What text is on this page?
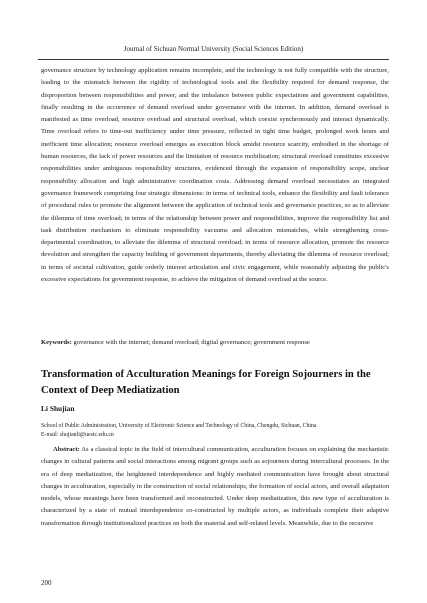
Journal of Sichuan Normal University (Social Sciences Edition)

governance structure by technology application remains incomplete, and the technology is not fully compatible with the structure, leading to the mismatch between the rigidity of technological tools and the flexibility required for demand response, the disproportion between responsibilities and power, and the imbalance between public expectations and government capabilities, finally resulting in the occurrence of demand overload under governance with the internet. In addition, demand overload is manifested as time overload, resource overload and structural overload, which coexist synchronously and interact dynamically. Time overload refers to time-out inefficiency under time pressure, reflected in tight time budget, prolonged work hours and inefficient time allocation; resource overload emerges as execution block amidst resource scarcity, embodied in the shortage of human resources, the lack of power resources and the limitation of resource mobilization; structural overload constitutes excessive responsibilities under ambiguous responsibility structures, evidenced through the expansion of responsibility scope, unclear responsibility allocation and high administrative coordination costs. Addressing demand overload necessitates an integrated governance framework comprising four strategic dimensions: in terms of technical tools, enhance the flexibility and fault tolerance of procedural rules to promote the alignment between the application of technical tools and governance practices, so as to alleviate the dilemma of time overload; in terms of the relationship between power and responsibilities, improve the responsibility list and task distribution mechanism to eliminate responsibility vacuums and allocation mismatches, while strengthening cross-departmental coordination, to alleviate the dilemma of structural overload; in terms of resource allocation, promote the resource devolution and strengthen the capacity building of government departments, thereby alleviating the dilemma of resource overload; in terms of societal cultivation, guide orderly interest articulation and civic engagement, while reasonably adjusting the public's excessive expectations for government response, to achieve the mitigation of demand overload at the source.

Keywords: governance with the internet; demand overload; digital governance; government response

Transformation of Acculturation Meanings for Foreign Sojourners in the Context of Deep Mediatization

Li Shujian

School of Public Administration, University of Electronic Science and Technology of China, Chengdu, Sichuan, China
E-mail: shujianli@uestc.edu.cn

Abstract: As a classical topic in the field of intercultural communication, acculturation focuses on explaining the mechanistic changes in cultural patterns and social interactions among migrant groups such as sojourners during intercultural processes. In the era of deep mediatization, the heightened interdependence and highly mediated communication have brought about structural changes in acculturation, especially in the construction of social relationships, the formation of social actors, and overall adaptation models, whose meanings have been transformed and reconstructed. Under deep mediatization, this new type of acculturation is characterized by a state of mutual interdependence co-constructed by multiple actors, as individuals complete their adaptive transformation through institutionalized practices on both the material and self-related levels. Meanwhile, due to the recursive

200
